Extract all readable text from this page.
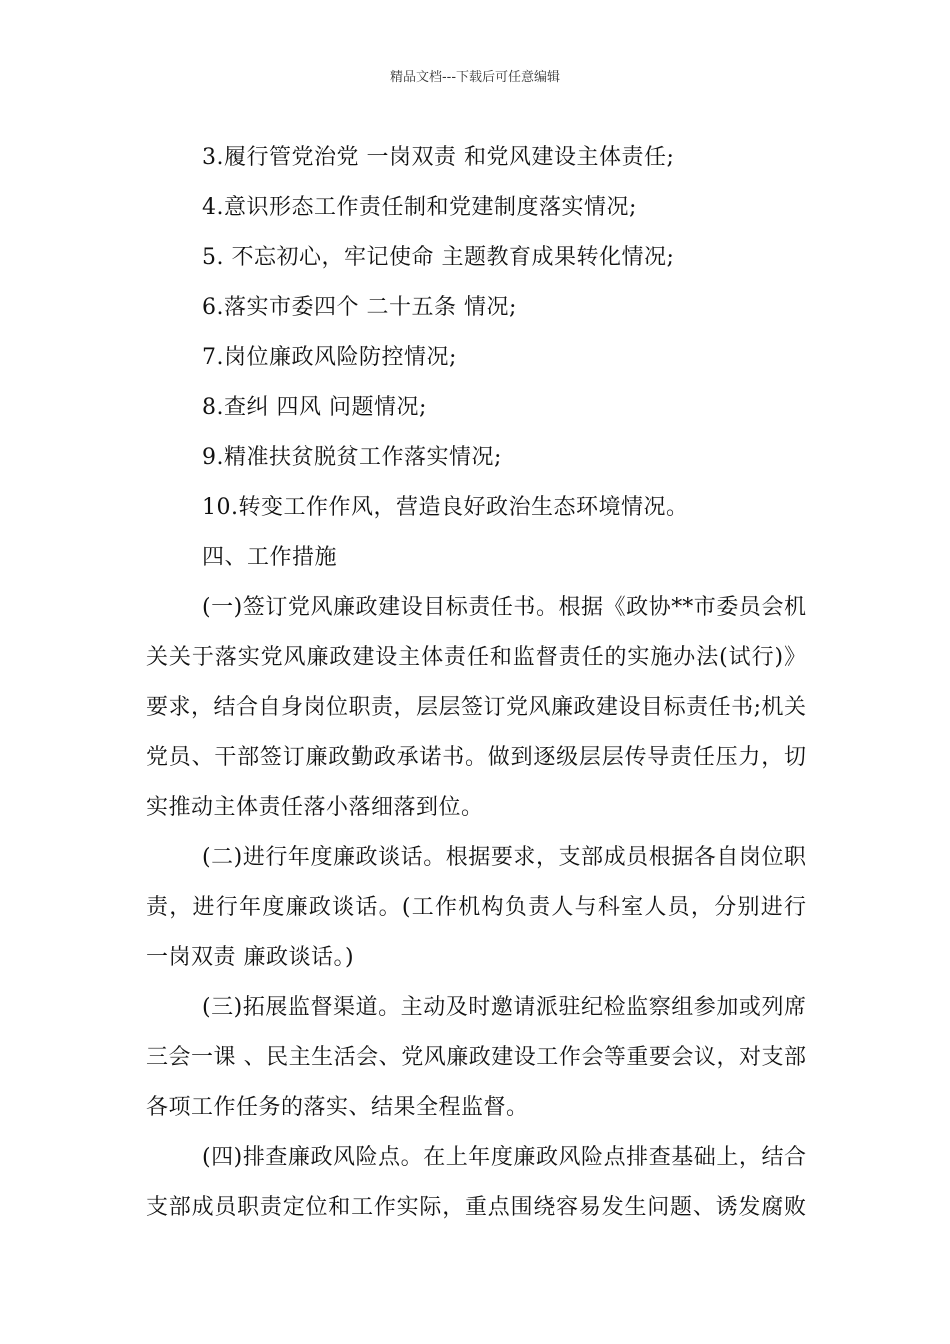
精品文档---下载后可任意编辑
3.履行管党治党 一岗双责 和党风建设主体责任;
4.意识形态工作责任制和党建制度落实情况;
5. 不忘初心，牢记使命 主题教育成果转化情况;
6.落实市委四个 二十五条 情况;
7.岗位廉政风险防控情况;
8.查纠 四风 问题情况;
9.精准扶贫脱贫工作落实情况;
10.转变工作作风，营造良好政治生态环境情况。
四、工作措施
(一)签订党风廉政建设目标责任书。根据《政协**市委员会机
关关于落实党风廉政建设主体责任和监督责任的实施办法(试行)》
要求，结合自身岗位职责，层层签订党风廉政建设目标责任书;机关
党员、干部签订廉政勤政承诺书。做到逐级层层传导责任压力，切
实推动主体责任落小落细落到位。
(二)进行年度廉政谈话。根据要求，支部成员根据各自岗位职
责，进行年度廉政谈话。(工作机构负责人与科室人员，分别进行
一岗双责 廉政谈话。)
(三)拓展监督渠道。主动及时邀请派驻纪检监察组参加或列席
三会一课 、民主生活会、党风廉政建设工作会等重要会议，对支部
各项工作任务的落实、结果全程监督。
(四)排查廉政风险点。在上年度廉政风险点排查基础上，结合
支部成员职责定位和工作实际，重点围绕容易发生问题、诱发腐败
